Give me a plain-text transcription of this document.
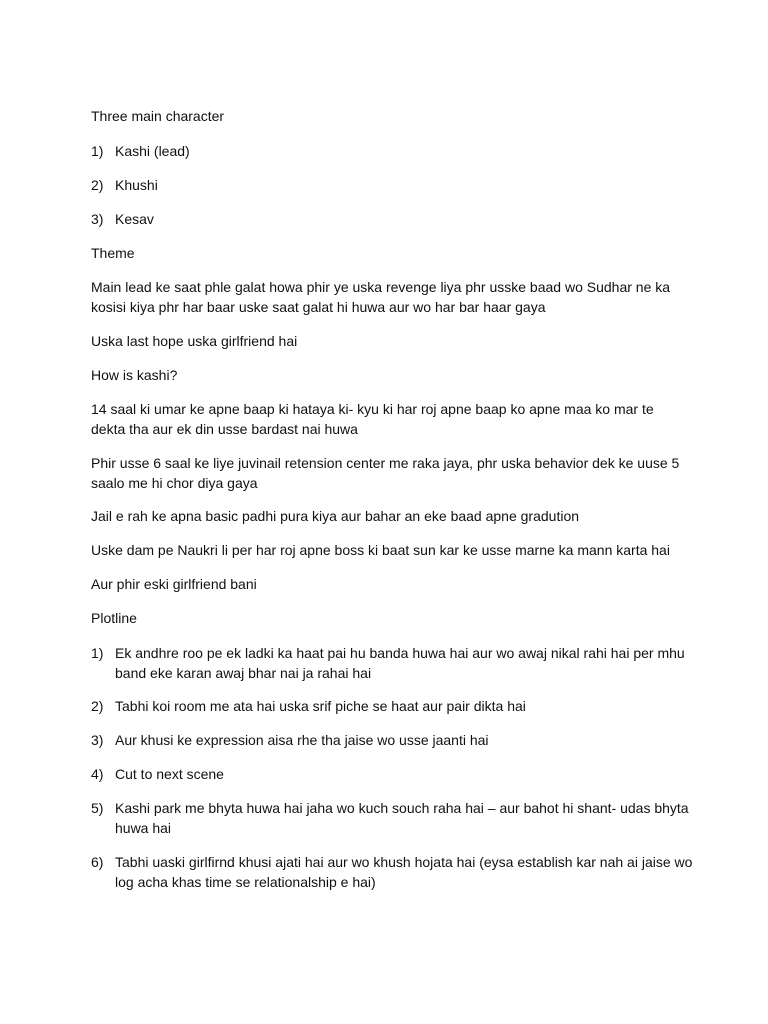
Three main character
1) Kashi (lead)
2) Khushi
3) Kesav
Theme
Main lead ke saat phle galat howa phir ye uska revenge liya phr usske baad wo Sudhar ne ka kosisi kiya phr har baar uske saat galat hi huwa aur wo har bar haar gaya
Uska last hope uska girlfriend hai
How is kashi?
14 saal ki umar ke apne baap ki hataya ki- kyu ki har roj apne baap ko apne maa ko mar te dekta tha aur ek din usse bardast nai huwa
Phir usse 6 saal ke liye juvinail retension center me raka jaya, phr uska behavior dek ke uuse 5 saalo me hi chor diya gaya
Jail e rah ke apna basic padhi pura kiya aur bahar an eke baad apne gradution
Uske dam pe Naukri li per har roj apne boss ki baat sun kar ke usse marne ka mann karta hai
Aur phir eski girlfriend bani
Plotline
1) Ek andhre roo pe ek ladki ka haat pai hu banda huwa hai aur wo awaj nikal rahi hai per mhu band eke karan awaj bhar nai ja rahai hai
2) Tabhi koi room me ata hai uska srif piche se haat aur pair dikta hai
3) Aur khusi ke expression aisa rhe tha jaise wo usse jaanti hai
4) Cut to next scene
5) Kashi park me bhyta huwa hai jaha wo kuch souch raha hai – aur bahot hi shant- udas bhyta huwa hai
6) Tabhi uaski girlfirnd khusi ajati hai aur wo khush hojata hai (eysa establish kar nah ai jaise wo log acha khas time se relationalship e hai)
